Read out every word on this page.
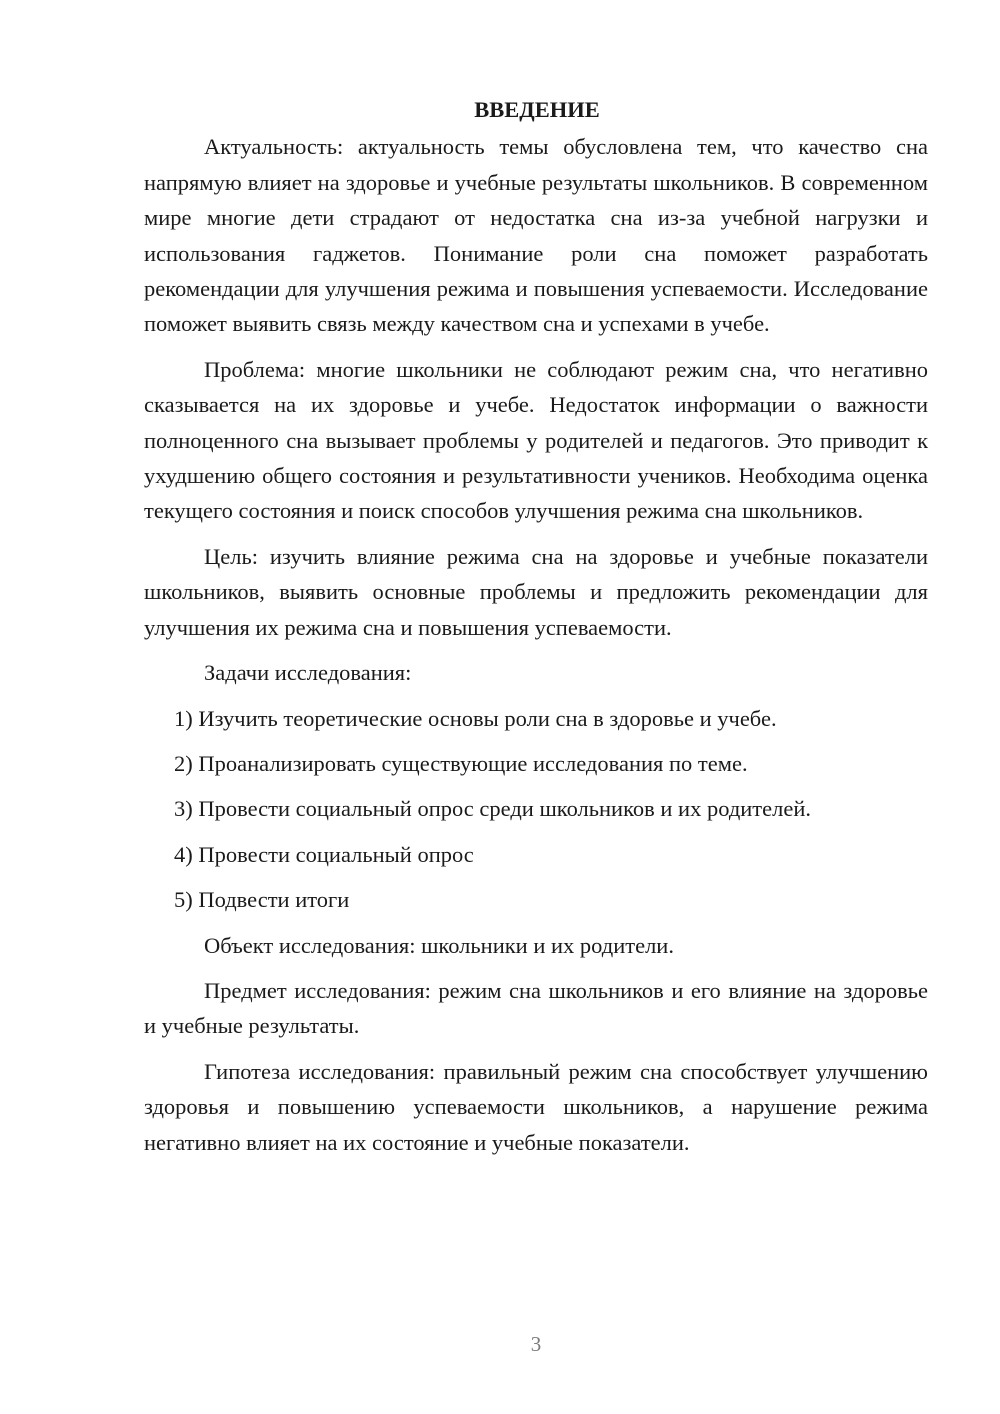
ВВЕДЕНИЕ

Актуальность: актуальность темы обусловлена тем, что качество сна напрямую влияет на здоровье и учебные результаты школьников. В современном мире многие дети страдают от недостатка сна из-за учебной нагрузки и использования гаджетов. Понимание роли сна поможет разработать рекомендации для улучшения режима и повышения успеваемости. Исследование поможет выявить связь между качеством сна и успехами в учебе.

Проблема: многие школьники не соблюдают режим сна, что негативно сказывается на их здоровье и учебе. Недостаток информации о важности полноценного сна вызывает проблемы у родителей и педагогов. Это приводит к ухудшению общего состояния и результативности учеников. Необходима оценка текущего состояния и поиск способов улучшения режима сна школьников.

Цель: изучить влияние режима сна на здоровье и учебные показатели школьников, выявить основные проблемы и предложить рекомендации для улучшения их режима сна и повышения успеваемости.

Задачи исследования:

1) Изучить теоретические основы роли сна в здоровье и учебе.
2) Проанализировать существующие исследования по теме.
3) Провести социальный опрос среди школьников и их родителей.
4) Провести социальный опрос
5) Подвести итоги

Объект исследования: школьники и их родители.

Предмет исследования: режим сна школьников и его влияние на здоровье и учебные результаты.

Гипотеза исследования: правильный режим сна способствует улучшению здоровья и повышению успеваемости школьников, а нарушение режима негативно влияет на их состояние и учебные показатели.

3
